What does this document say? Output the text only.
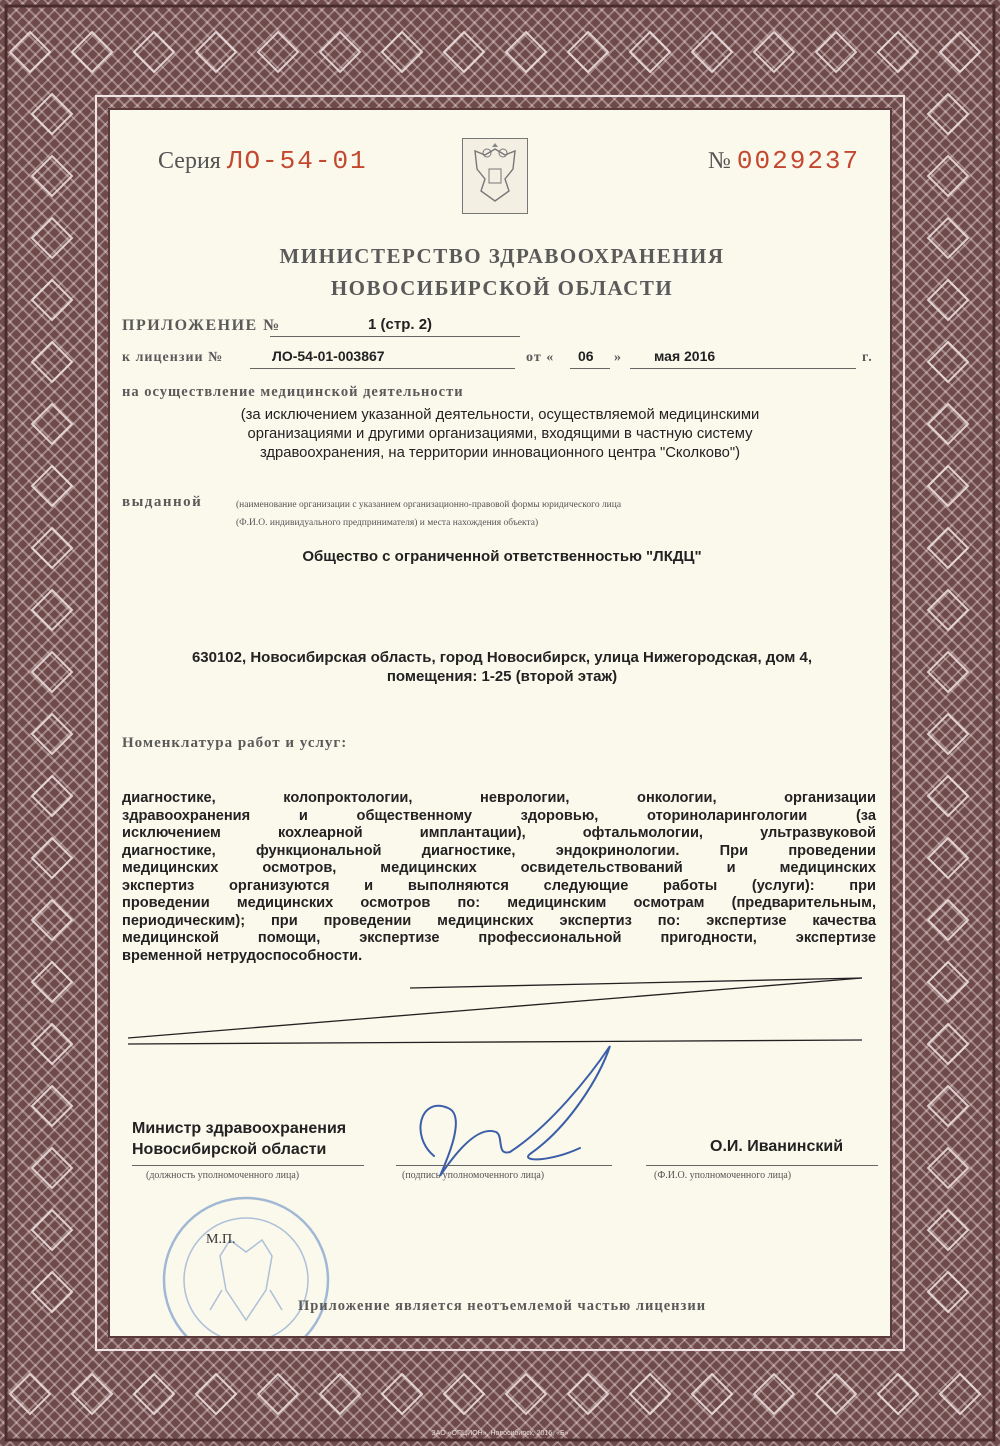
ЗАО «ОПЦИОН», Новосибирск, 2016, «Б»
Серия ЛО-54-01	№ 0029237
МИНИСТЕРСТВО ЗДРАВООХРАНЕНИЯ
НОВОСИБИРСКОЙ ОБЛАСТИ
ПРИЛОЖЕНИЕ №	1 (стр. 2)
к лицензии №	ЛО-54-01-003867	от « 06 » мая 2016	г.
на осуществление медицинской деятельности
(за исключением указанной деятельности, осуществляемой медицинскими
организациями и другими организациями, входящими в частную систему
здравоохранения, на территории инновационного центра "Сколково")
выданной	(наименование организации с указанием организационно-правовой формы юридического лица
(Ф.И.О. индивидуального предпринимателя) и места нахождения объекта)
Общество с ограниченной ответственностью "ЛКДЦ"
630102, Новосибирская область, город Новосибирск, улица Нижегородская, дом 4,
помещения: 1-25 (второй этаж)
Номенклатура работ и услуг:
диагностике, колопроктологии, неврологии, онкологии, организации
здравоохранения и общественному здоровью, оториноларингологии (за
исключением кохлеарной имплантации), офтальмологии, ультразвуковой
диагностике, функциональной диагностике, эндокринологии. При проведении
медицинских осмотров, медицинских освидетельствований и медицинских
экспертиз организуются и выполняются следующие работы (услуги): при
проведении медицинских осмотров по: медицинским осмотрам (предварительным,
периодическим); при проведении медицинских экспертиз по: экспертизе качества
медицинской помощи, экспертизе профессиональной пригодности, экспертизе
временной нетрудоспособности.
Министр здравоохранения
Новосибирской области
(должность уполномоченного лица)	(подпись уполномоченного лица)
О.И. Иванинский
(Ф.И.О. уполномоченного лица)
М.П.
Приложение является неотъемлемой частью лицензии
